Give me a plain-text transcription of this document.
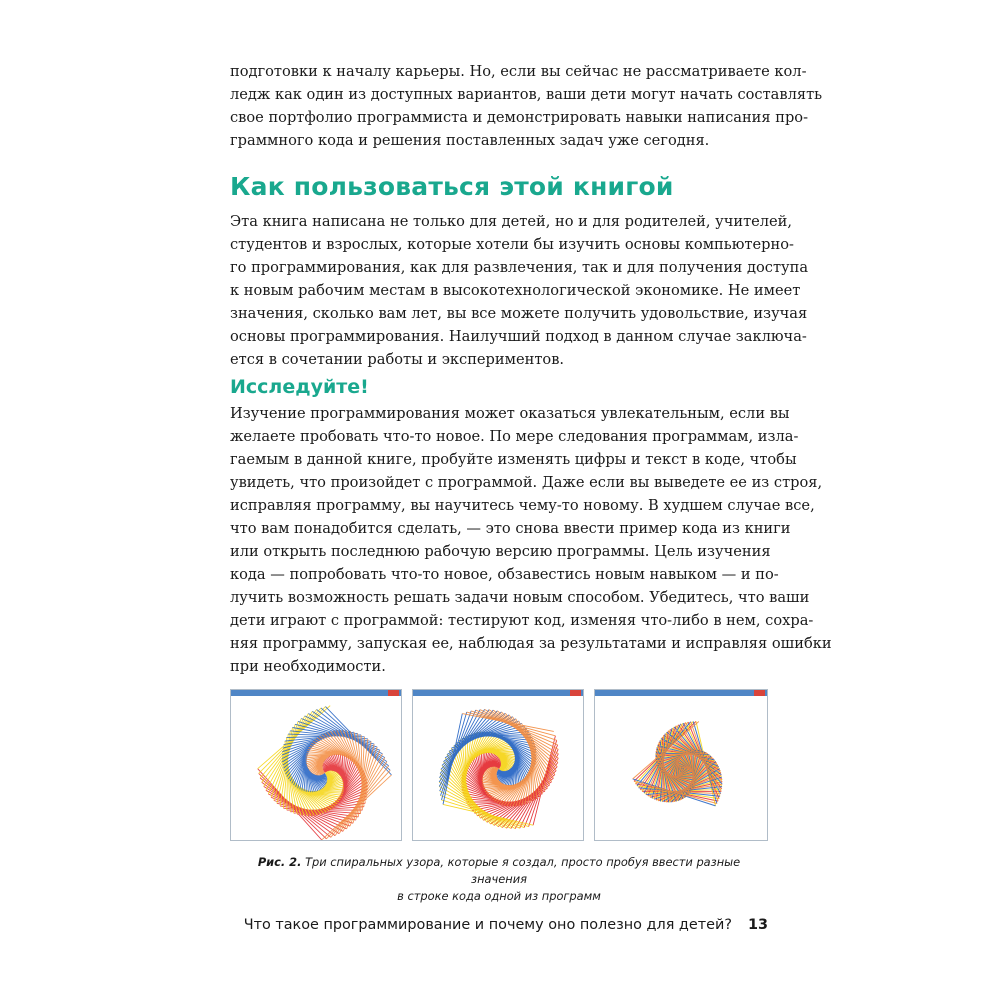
подготовки к началу карьеры. Но, если вы сейчас не рассматриваете кол-
ледж как один из доступных вариантов, ваши дети могут начать составлять
свое портфолио программиста и демонстрировать навыки написания про-
граммного кода и решения поставленных задач уже сегодня.
Как пользоваться этой книгой
Эта книга написана не только для детей, но и для родителей, учителей,
студентов и взрослых, которые хотели бы изучить основы компьютерно-
го программирования, как для развлечения, так и для получения доступа
к новым рабочим местам в высокотехнологической экономике. Не имеет
значения, сколько вам лет, вы все можете получить удовольствие, изучая
основы программирования. Наилучший подход в данном случае заключа-
ется в сочетании работы и экспериментов.
Исследуйте!
Изучение программирования может оказаться увлекательным, если вы
желаете пробовать что-то новое. По мере следования программам, изла-
гаемым в данной книге, пробуйте изменять цифры и текст в коде, чтобы
увидеть, что произойдет с программой. Даже если вы выведете ее из строя,
исправляя программу, вы научитесь чему-то новому. В худшем случае все,
что вам понадобится сделать, — это снова ввести пример кода из книги
или открыть последнюю рабочую версию программы. Цель изучения
кода — попробовать что-то новое, обзавестись новым навыком — и по-
лучить возможность решать задачи новым способом. Убедитесь, что ваши
дети играют с программой: тестируют код, изменяя что-либо в нем, сохра-
няя программу, запуская ее, наблюдая за результатами и исправляя ошибки
при необходимости.
Рис. 2. Три спиральных узора, которые я создал, просто пробуя ввести разные значения
в строке кода одной из программ
Что такое программирование и почему оно полезно для детей? 13
